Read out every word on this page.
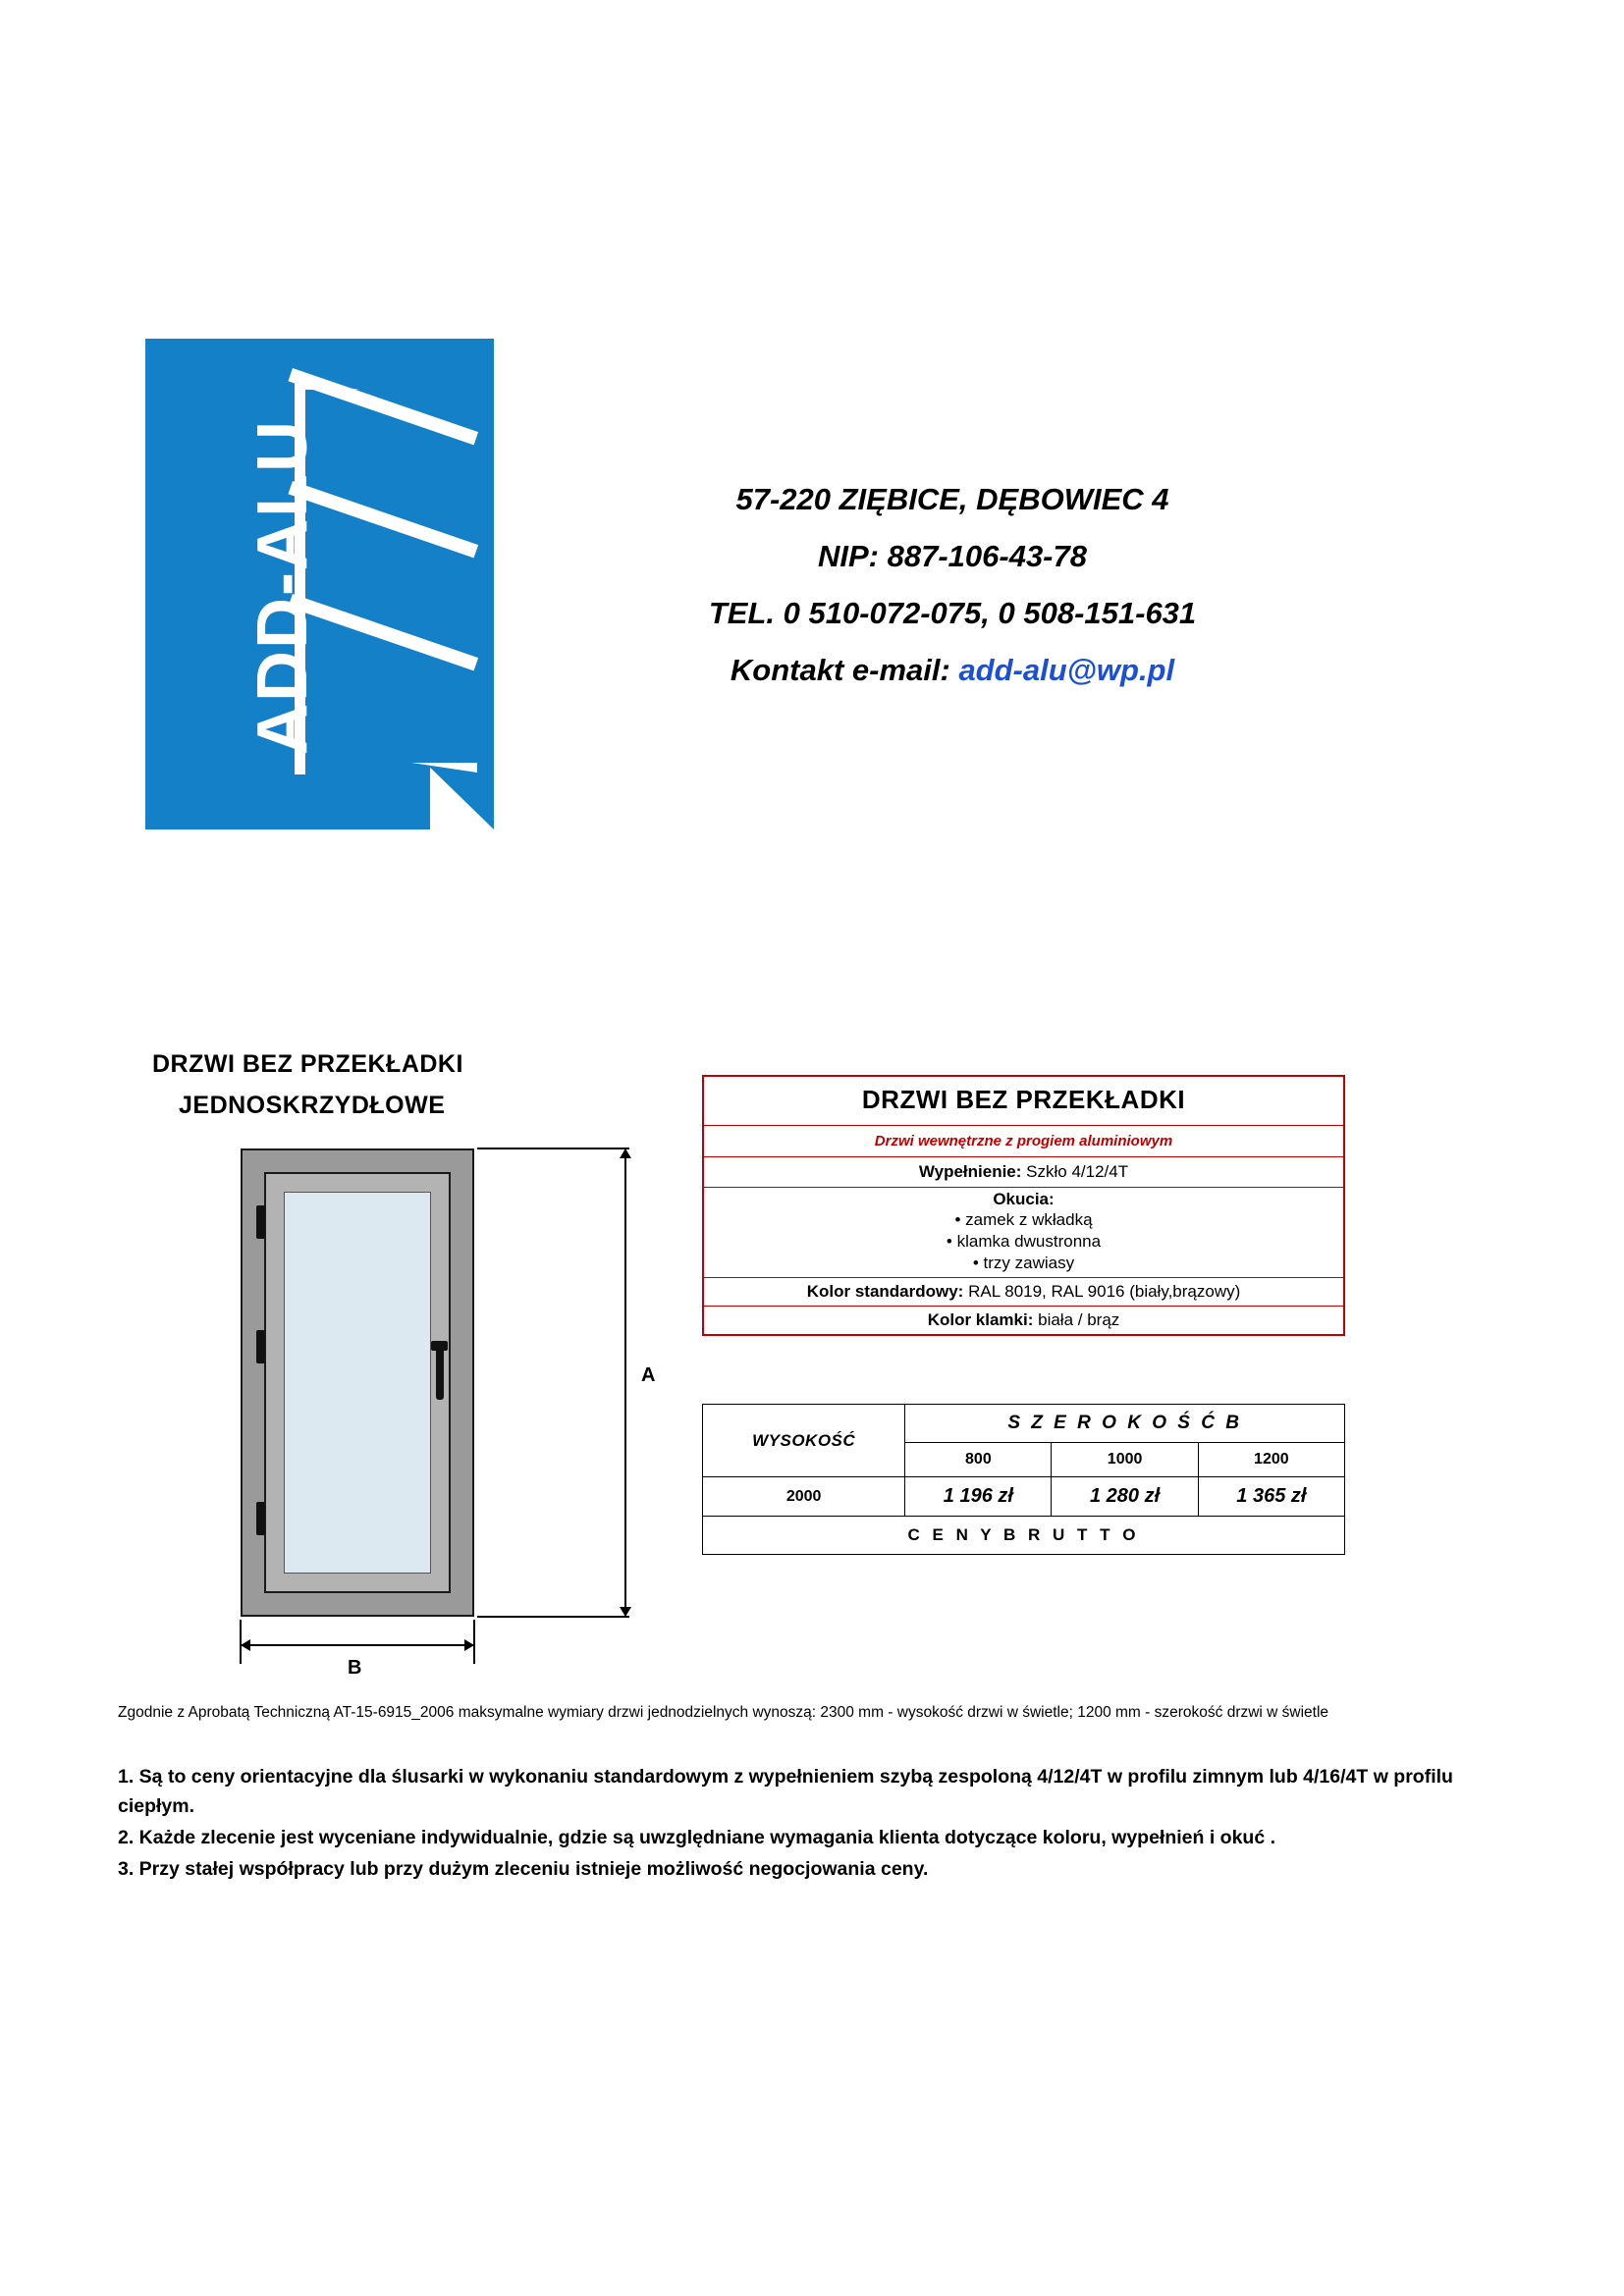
ADD-ALU	57-220 ZIĘBICE, DĘBOWIEC 4
NIP: 887-106-43-78
TEL. 0 510-072-075, 0 508-151-631
Kontakt e-mail: add-alu@wp.pl
DRZWI BEZ PRZEKŁADKI
JEDNOSKRZYDŁOWE
A
B
DRZWI BEZ PRZEKŁADKI
Drzwi wewnętrzne z progiem aluminiowym
Wypełnienie: Szkło 4/12/4T
Okucia:
• zamek z wkładką
• klamka dwustronna
• trzy zawiasy
Kolor standardowy: RAL 8019, RAL 9016 (biały,brązowy)
Kolor klamki: biała / brąz
WYSOKOŚĆ	S Z E R O K O Ś Ć B		
	800	1000	1200
2000	1 196 zł	1 280 zł	1 365 zł
C E N Y B R U T T O			
Zgodnie z Aprobatą Techniczną AT-15-6915_2006 maksymalne wymiary drzwi jednodzielnych wynoszą: 2300 mm - wysokość drzwi w świetle; 1200 mm - szerokość drzwi w świetle

1. Są to ceny orientacyjne dla ślusarki w wykonaniu standardowym z wypełnieniem szybą zespoloną 4/12/4T w profilu zimnym lub 4/16/4T w profilu ciepłym.

2. Każde zlecenie jest wyceniane indywidualnie, gdzie są uwzględniane wymagania klienta dotyczące koloru, wypełnień i okuć .

3. Przy stałej współpracy lub przy dużym zleceniu istnieje możliwość negocjowania ceny.
